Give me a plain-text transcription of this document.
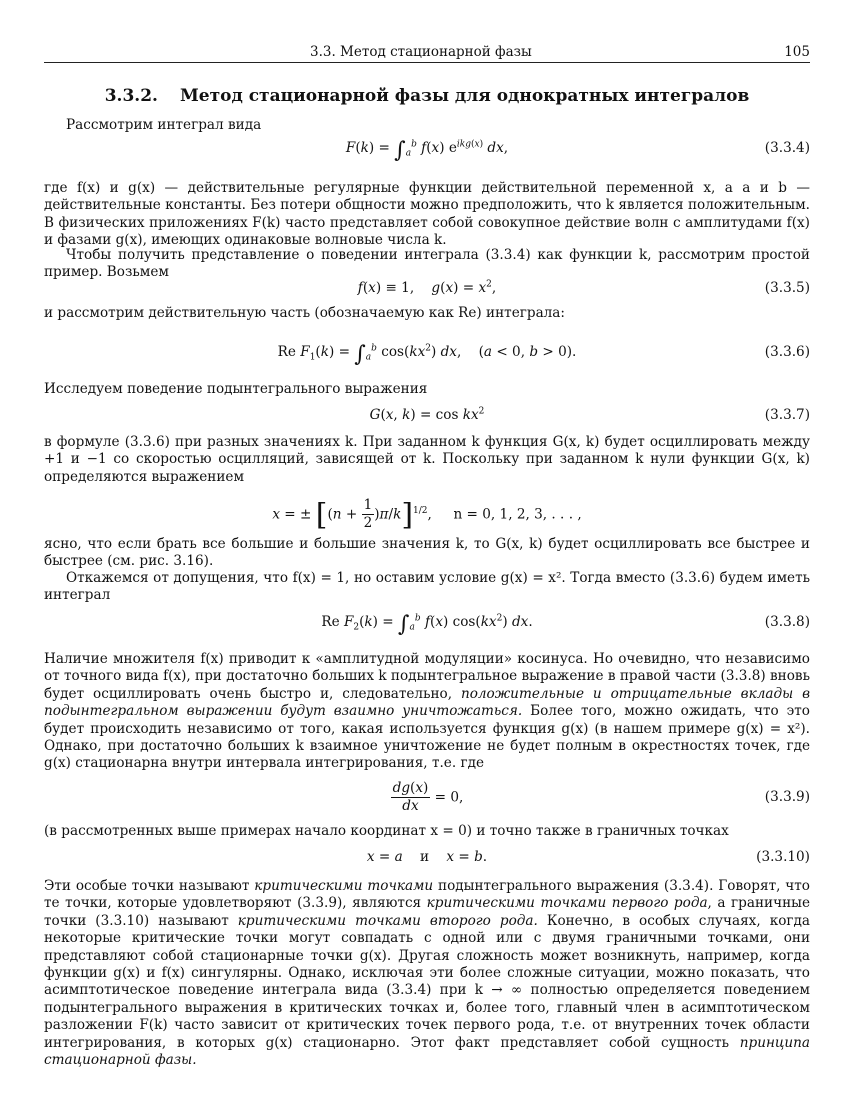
3.3. Метод стационарной фазы	105
3.3.2. Метод стационарной фазы для однократных интегралов

Рассмотрим интеграл вида

$F(k) = \int_a^b$ f(x) $e^{ikg(x)}$ dx,	(3.3.4)

где f(x) и g(x) — действительные регулярные функции действительной переменной x, а a и b — действительные константы. Без потери общности можно предположить, что k является положительным. В физических приложениях F(k) часто представляет собой совокупное действие волн с амплитудами f(x) и фазами g(x), имеющих одинаковые волновые числа k.

Чтобы получить представление о поведении интеграла (3.3.4) как функции k, рассмотрим простой пример. Возьмем

f(x) ≡ 1,    $g(x) = x^2$,	(3.3.5)

и рассмотрим действительную часть (обозначаемую как Re) интеграла:

Re $F_1(k) = \int_a^b$ $\cos(kx^2)$ dx,    (a < 0, b > 0).	(3.3.6)

Исследуем поведение подынтегрального выражения

G(x, $k) = \cos kx^2$	(3.3.7)

в формуле (3.3.6) при разных значениях k. При заданном k функция G(x, k) будет осциллировать между +1 и −1 со скоростью осцилляций, зависящей от k. Поскольку при заданном k нули функции G(x, k) определяются выражением

x = ± $[(n + \frac{1}{2} )\pi/k]^{1/2}$,     n = 0, 1, 2, 3, . . . ,

ясно, что если брать все большие и большие значения k, то G(x, k) будет осциллировать все быстрее и быстрее (см. рис. 3.16).

Откажемся от допущения, что f(x) = 1, но оставим условие g(x) = x². Тогда вместо (3.3.6) будем иметь интеграл

Re $F_2(k) = \int_a^b$ f(x) $\cos(kx^2)$ dx.	(3.3.8)

Наличие множителя f(x) приводит к «амплитудной модуляции» косинуса. Но очевидно, что независимо от точного вида f(x), при достаточно больших k подынтегральное выражение в правой части (3.3.8) вновь будет осциллировать очень быстро и, следовательно, положительные и отрицательные вклады в подынтегральном выражении будут взаимно уничтожаться. Более того, можно ожидать, что это будет происходить независимо от того, какая используется функция g(x) (в нашем примере g(x) = x²). Однако, при достаточно больших k взаимное уничтожение не будет полным в окрестностях точек, где g(x) стационарна внутри интервала интегрирования, т.е. где

$\frac{dg(x)}{dx} = 0$,	(3.3.9)

(в рассмотренных выше примерах начало координат x = 0) и точно также в граничных точках

x = a    и    x = b.	(3.3.10)

Эти особые точки называют критическими точками подынтегрального выражения (3.3.4). Говорят, что те точки, которые удовлетворяют (3.3.9), являются критическими точками первого рода, а граничные точки (3.3.10) называют критическими точками второго рода. Конечно, в особых случаях, когда некоторые критические точки могут совпадать с одной или с двумя граничными точками, они представляют собой стационарные точки g(x). Другая сложность может возникнуть, например, когда функции g(x) и f(x) сингулярны. Однако, исключая эти более сложные ситуации, можно показать, что асимптотическое поведение интеграла вида (3.3.4) при k → ∞ полностью определяется поведением подынтегрального выражения в критических точках и, более того, главный член в асимптотическом разложении F(k) часто зависит от критических точек первого рода, т.е. от внутренних точек области интегрирования, в которых g(x) стационарно. Этот факт представляет собой сущность принципа стационарной фазы.
